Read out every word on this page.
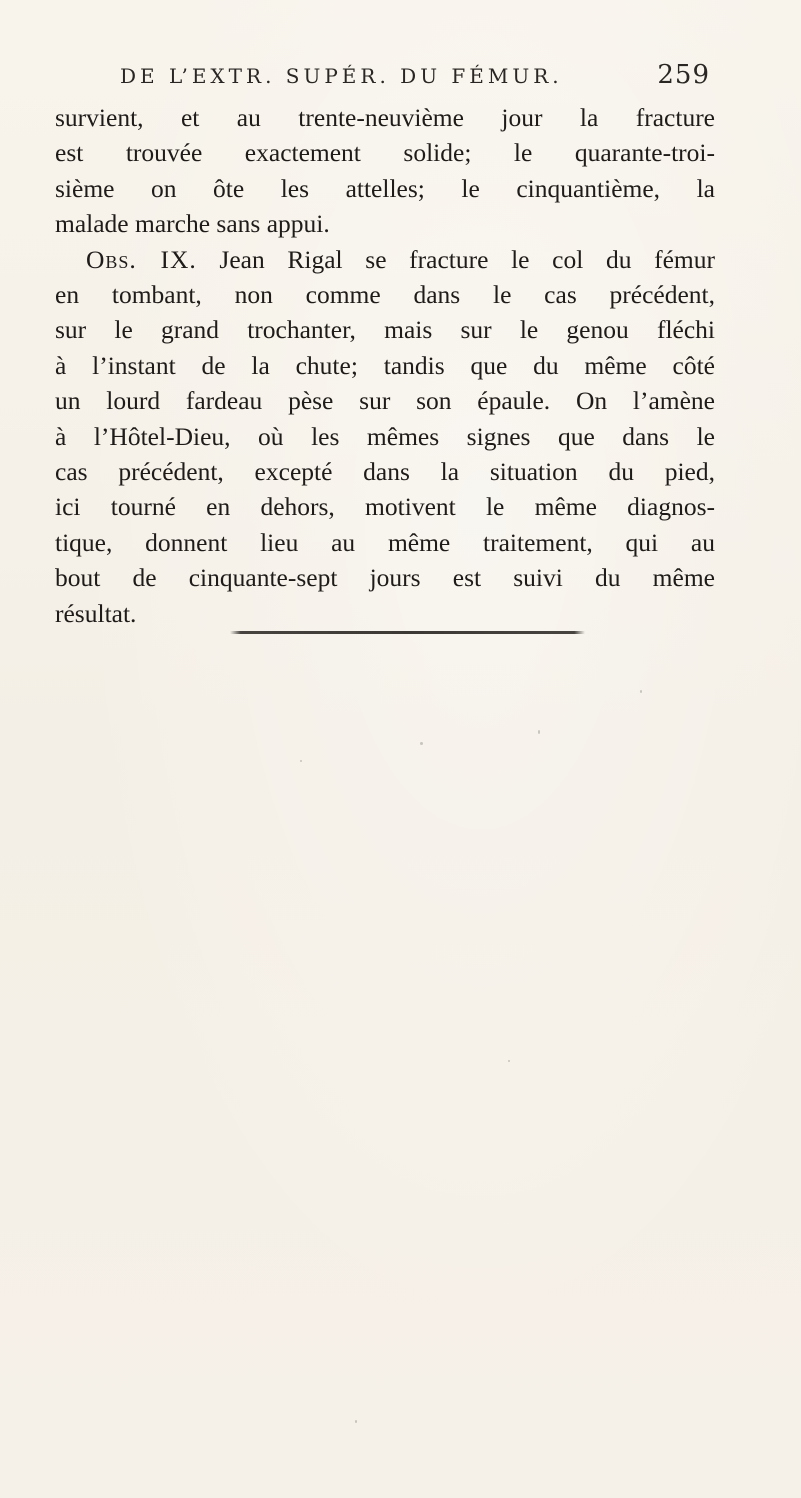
DE L’EXTR. SUPÉR. DU FÉMUR.	259
survient, et au trente-neuvième jour la fracture
est trouvée exactement solide; le quarante-troi-
sième on ôte les attelles; le cinquantième, la
malade marche sans appui.
Obs. IX. Jean Rigal se fracture le col du fémur
en tombant, non comme dans le cas précédent,
sur le grand trochanter, mais sur le genou fléchi
à l’instant de la chute; tandis que du même côté
un lourd fardeau pèse sur son épaule. On l’amène
à l’Hôtel-Dieu, où les mêmes signes que dans le
cas précédent, excepté dans la situation du pied,
ici tourné en dehors, motivent le même diagnos-
tique, donnent lieu au même traitement, qui au
bout de cinquante-sept jours est suivi du même
résultat.
